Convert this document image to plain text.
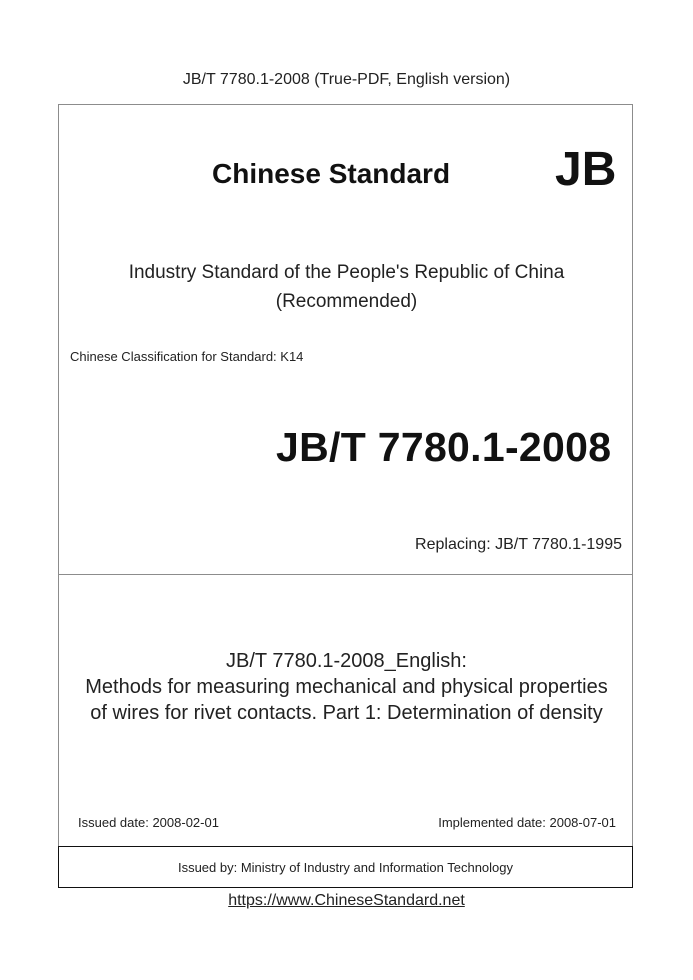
JB/T 7780.1-2008 (True-PDF, English version)
Issued by: Ministry of Industry and Information Technology
Chinese Standard JB
Industry Standard of the People's Republic of China
(Recommended)
Chinese Classification for Standard: K14
JB/T 7780.1-2008
Replacing: JB/T 7780.1-1995
JB/T 7780.1-2008_English:
Methods for measuring mechanical and physical properties
of wires for rivet contacts. Part 1: Determination of density
Issued date: 2008-02-01	Implemented date: 2008-07-01
https://www.ChineseStandard.net
